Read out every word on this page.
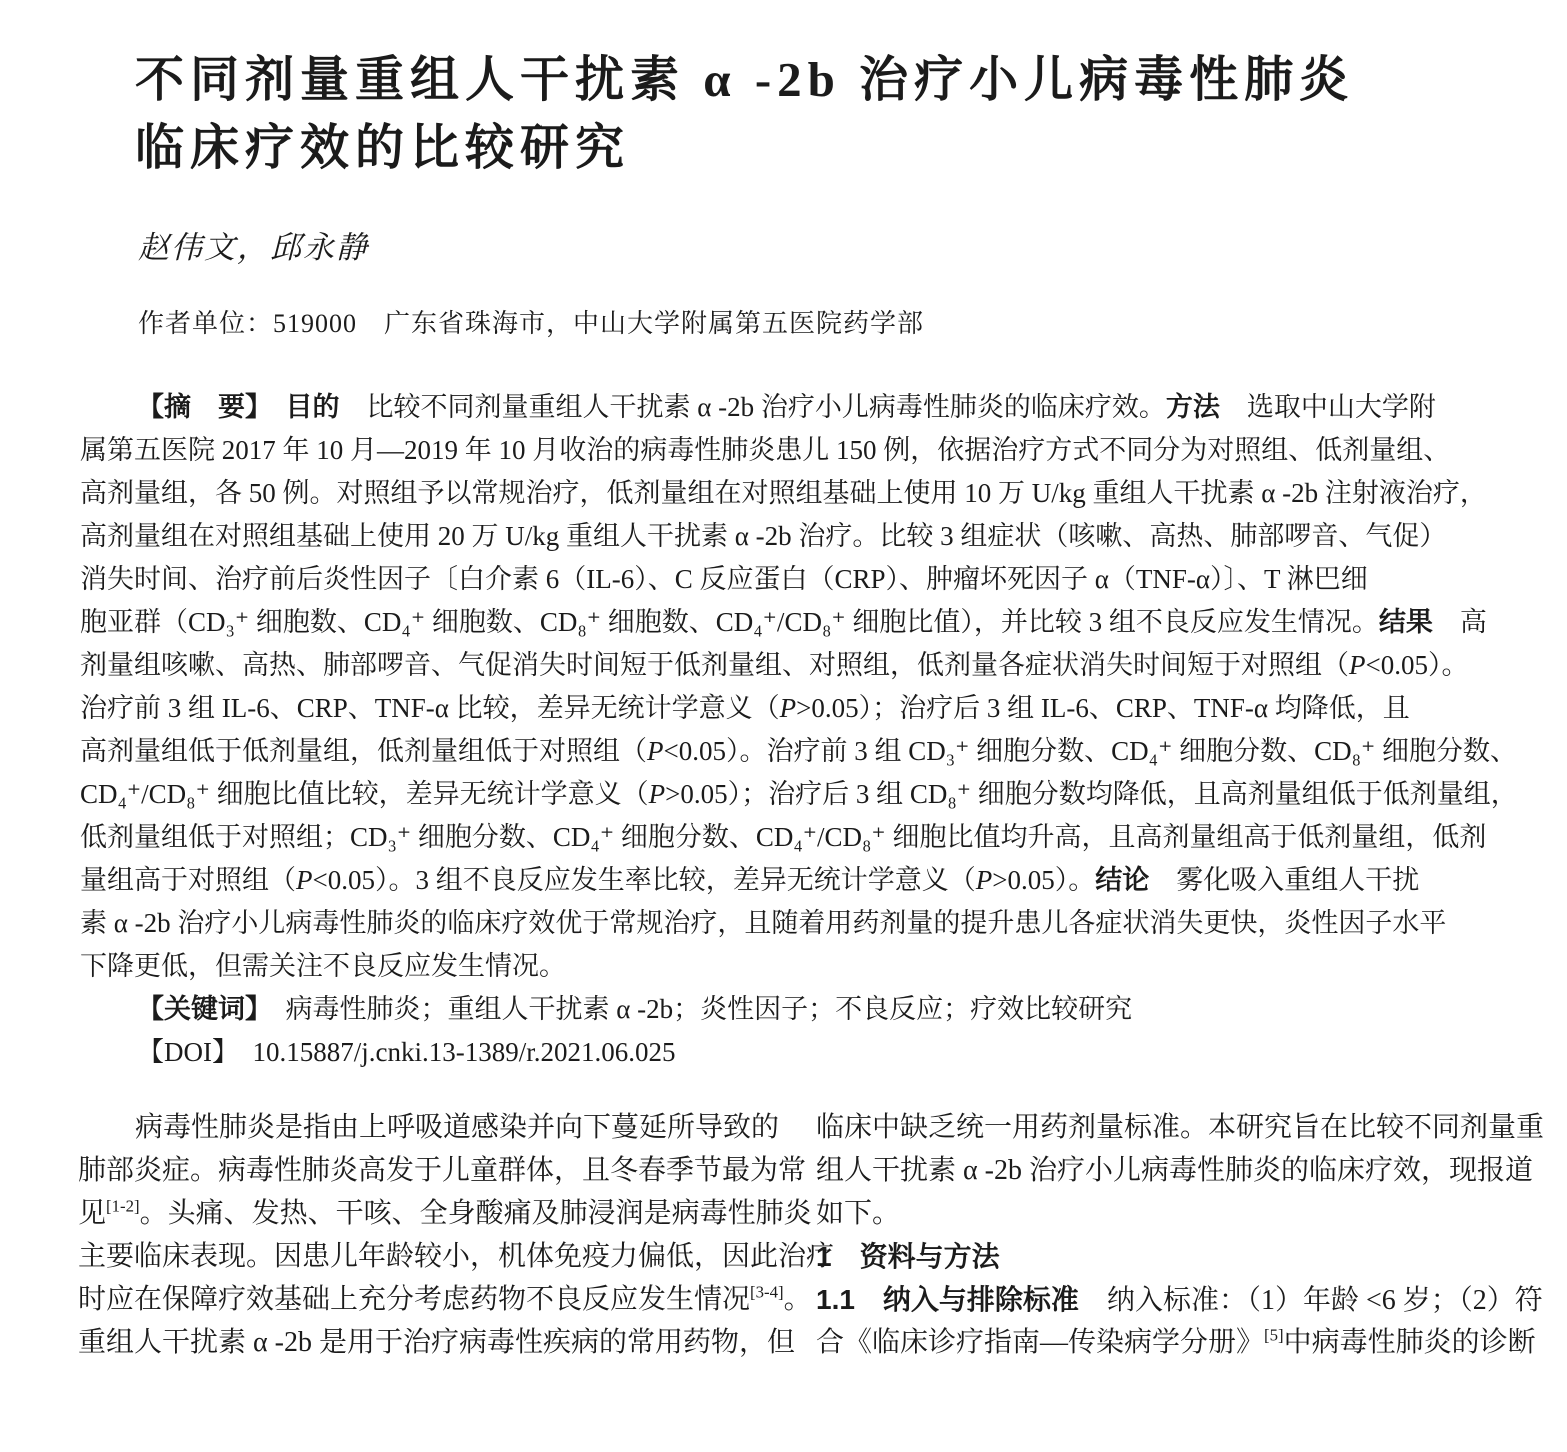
不同剂量重组人干扰素 α -2b 治疗小儿病毒性肺炎
临床疗效的比较研究
赵伟文，邱永静
作者单位：519000　广东省珠海市，中山大学附属第五医院药学部
【摘　要】　目的　比较不同剂量重组人干扰素 α -2b 治疗小儿病毒性肺炎的临床疗效。方法　选取中山大学附
属第五医院 2017 年 10 月—2019 年 10 月收治的病毒性肺炎患儿 150 例，依据治疗方式不同分为对照组、低剂量组、
高剂量组，各 50 例。对照组予以常规治疗，低剂量组在对照组基础上使用 10 万 U/kg 重组人干扰素 α -2b 注射液治疗，
高剂量组在对照组基础上使用 20 万 U/kg 重组人干扰素 α -2b 治疗。比较 3 组症状（咳嗽、高热、肺部啰音、气促）
消失时间、治疗前后炎性因子〔白介素 6（IL-6）、C 反应蛋白（CRP）、肿瘤坏死因子 α（TNF-α）〕、T 淋巴细
胞亚群（CD₃⁺ 细胞数、CD₄⁺ 细胞数、CD₈⁺ 细胞数、CD₄⁺/CD₈⁺ 细胞比值），并比较 3 组不良反应发生情况。结果　高
剂量组咳嗽、高热、肺部啰音、气促消失时间短于低剂量组、对照组，低剂量各症状消失时间短于对照组（P<0.05）。
治疗前 3 组 IL-6、CRP、TNF-α 比较，差异无统计学意义（P>0.05）；治疗后 3 组 IL-6、CRP、TNF-α 均降低，且
高剂量组低于低剂量组，低剂量组低于对照组（P<0.05）。治疗前 3 组 CD₃⁺ 细胞分数、CD₄⁺ 细胞分数、CD₈⁺ 细胞分数、
CD₄⁺/CD₈⁺ 细胞比值比较，差异无统计学意义（P>0.05）；治疗后 3 组 CD₈⁺ 细胞分数均降低，且高剂量组低于低剂量组，
低剂量组低于对照组；CD₃⁺ 细胞分数、CD₄⁺ 细胞分数、CD₄⁺/CD₈⁺ 细胞比值均升高，且高剂量组高于低剂量组，低剂
量组高于对照组（P<0.05）。3 组不良反应发生率比较，差异无统计学意义（P>0.05）。结论　雾化吸入重组人干扰
素 α -2b 治疗小儿病毒性肺炎的临床疗效优于常规治疗，且随着用药剂量的提升患儿各症状消失更快，炎性因子水平
下降更低，但需关注不良反应发生情况。
【关键词】　病毒性肺炎；重组人干扰素 α -2b；炎性因子；不良反应；疗效比较研究
【DOI】　10.15887/j.cnki.13-1389/r.2021.06.025
病毒性肺炎是指由上呼吸道感染并向下蔓延所导致的
肺部炎症。病毒性肺炎高发于儿童群体，且冬春季节最为常
见[1-2]。头痛、发热、干咳、全身酸痛及肺浸润是病毒性肺炎
主要临床表现。因患儿年龄较小，机体免疫力偏低，因此治疗
时应在保障疗效基础上充分考虑药物不良反应发生情况[3-4]。
重组人干扰素 α -2b 是用于治疗病毒性疾病的常用药物，但
临床中缺乏统一用药剂量标准。本研究旨在比较不同剂量重
组人干扰素 α -2b 治疗小儿病毒性肺炎的临床疗效，现报道
如下。
1　资料与方法
1.1　纳入与排除标准　纳入标准：（1）年龄 <6 岁；（2）符
合《临床诊疗指南—传染病学分册》[5]中病毒性肺炎的诊断
